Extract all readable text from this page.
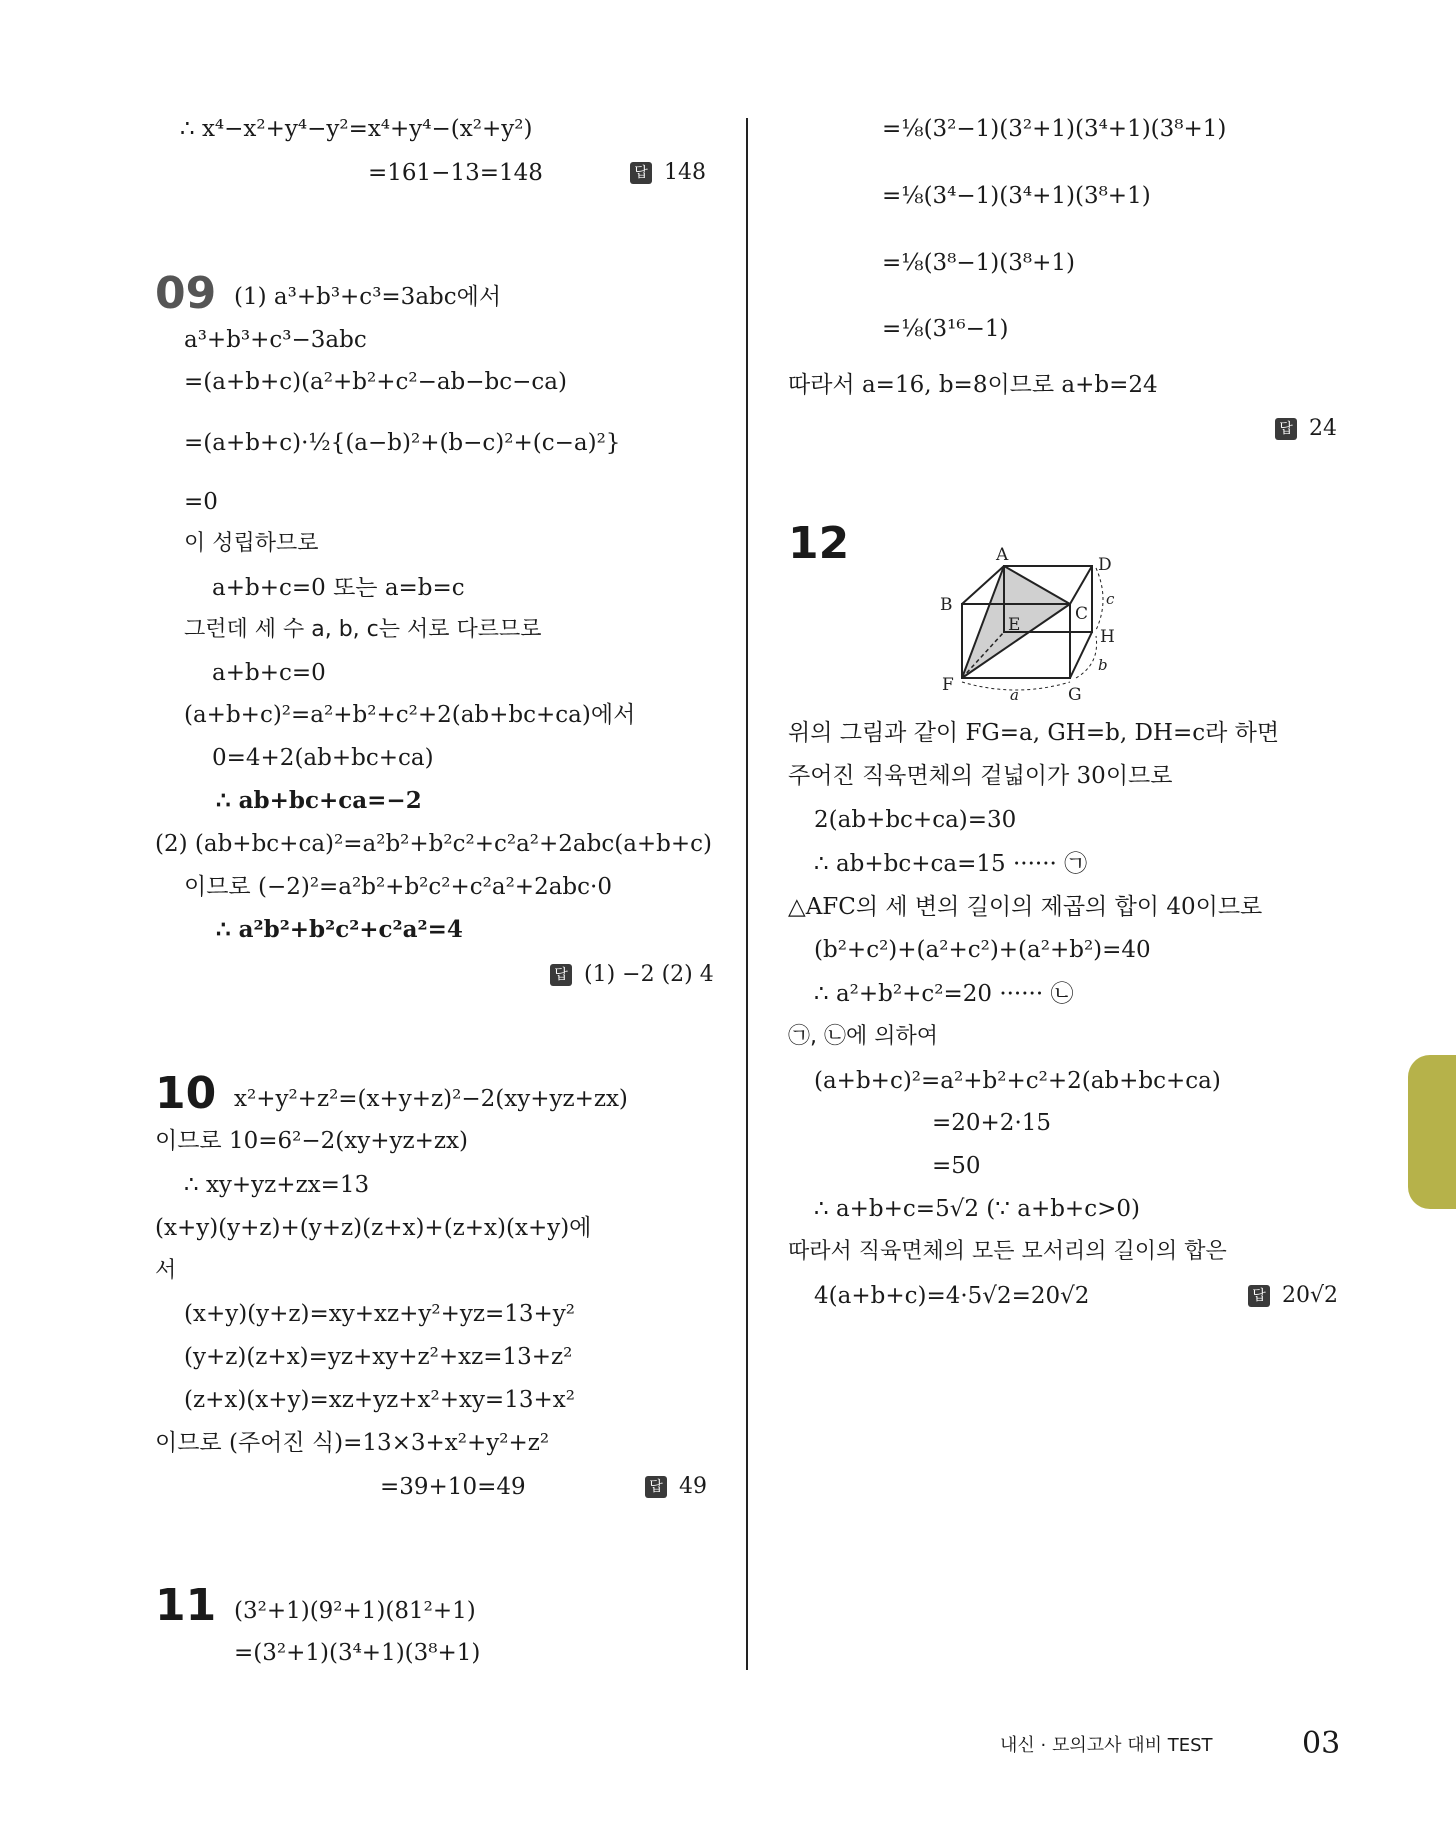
∴ x⁴−x²+y⁴−y²=x⁴+y⁴−(x²+y²)
=161−13=148	답 148
09 (1) a³+b³+c³=3abc에서
a³+b³+c³−3abc
=(a+b+c)(a²+b²+c²−ab−bc−ca)
=(a+b+c)·½{(a−b)²+(b−c)²+(c−a)²}
=0
이 성립하므로
a+b+c=0 또는 a=b=c
그런데 세 수 a, b, c는 서로 다르므로
a+b+c=0
(a+b+c)²=a²+b²+c²+2(ab+bc+ca)에서
0=4+2(ab+bc+ca)
∴ ab+bc+ca=−2
(2) (ab+bc+ca)²=a²b²+b²c²+c²a²+2abc(a+b+c)
이므로 (−2)²=a²b²+b²c²+c²a²+2abc·0
∴ a²b²+b²c²+c²a²=4
답 (1) −2 (2) 4
10 x²+y²+z²=(x+y+z)²−2(xy+yz+zx)
이므로 10=6²−2(xy+yz+zx)
∴ xy+yz+zx=13
(x+y)(y+z)+(y+z)(z+x)+(z+x)(x+y)에
서
(x+y)(y+z)=xy+xz+y²+yz=13+y²
(y+z)(z+x)=yz+xy+z²+xz=13+z²
(z+x)(x+y)=xz+yz+x²+xy=13+x²
이므로 (주어진 식)=13×3+x²+y²+z²
=39+10=49	답 49
11 (3²+1)(9²+1)(81²+1)
=(3²+1)(3⁴+1)(3⁸+1)
=⅛(3²−1)(3²+1)(3⁴+1)(3⁸+1)
=⅛(3⁴−1)(3⁴+1)(3⁸+1)
=⅛(3⁸−1)(3⁸+1)
=⅛(3¹⁶−1)
따라서 a=16, b=8이므로 a+b=24
답 24
12	A
B	C
D
E
F	G
H
a
b
c
위의 그림과 같이 FG=a, GH=b, DH=c라 하면
주어진 직육면체의 겉넓이가 30이므로
2(ab+bc+ca)=30
∴ ab+bc+ca=15 ······ ㉠
△AFC의 세 변의 길이의 제곱의 합이 40이므로
(b²+c²)+(a²+c²)+(a²+b²)=40
∴ a²+b²+c²=20 ······ ㉡
㉠, ㉡에 의하여
(a+b+c)²=a²+b²+c²+2(ab+bc+ca)
=20+2·15
=50
∴ a+b+c=5√2 (∵ a+b+c>0)
따라서 직육면체의 모든 모서리의 길이의 합은
4(a+b+c)=4·5√2=20√2	답 20√2
내신 · 모의고사 대비 TEST	03
